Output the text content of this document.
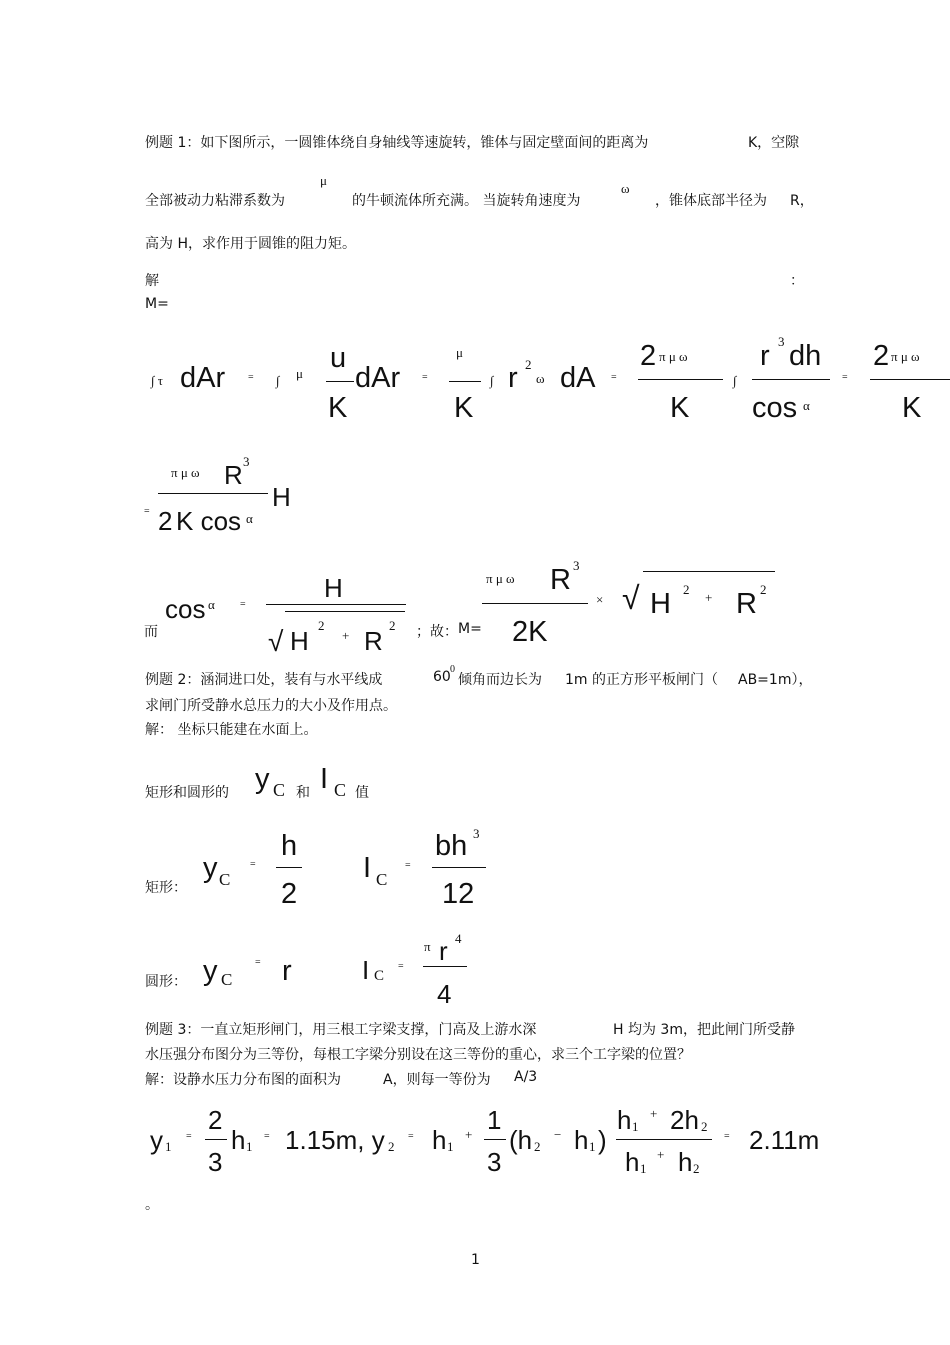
例题 1：如下图所示，一圆锥体绕自身轴线等速旋转，锥体与固定壁面间的距离为	K，空隙
全部被动力粘滞系数为
μ
的牛顿流体所充满。 当旋转角速度为
ω
，锥体底部半径为 R，
高为 H，求作用于圆锥的阻力矩。
解	：
M=
∫ τ dAr = ∫ μ u
K
dAr =
μ
K
∫ r 2
ω dA =
2 π μ ω
K
∫
r 3 dh
cos α
=
2 π μ ω
K
π μ ω R 3
= 2 K cos α
H
而
cos α	=
H
√ H
2
+ R
2 ；故： M=
π μ ω R 3
2K
× √ H 2
+ R 2
例题 2：涵洞进口处，装有与水平线成	60 0
倾角而边长为 1m 的正方形平板闸门（ AB=1m），
求闸门所受静水总压力的大小及作用点。
解： 坐标只能建在水面上。
矩形和圆形的 y C I C
和	值
矩形：
y C
=
h
2
I C
=
bh 3
12
圆形： y C
= r	I C
=
π r 4
4
例题 3：一直立矩形闸门，用三根工字梁支撑，门高及上游水深	H 均为 3m，把此闸门所受静
水压强分布图分为三等份，每根工字梁分别设在这三等份的重心，求三个工字梁的位置？
解：设静水压力分布图的面积为	A，则每一等份为 A/3
y 1
=
2
3
h 1
= 1.15m, y 2
= h 1
+ 1
3
(h 2
− h 1 )
h 1
+ 2h 2
h 1
+ h 2
= 2.11m
。
1
